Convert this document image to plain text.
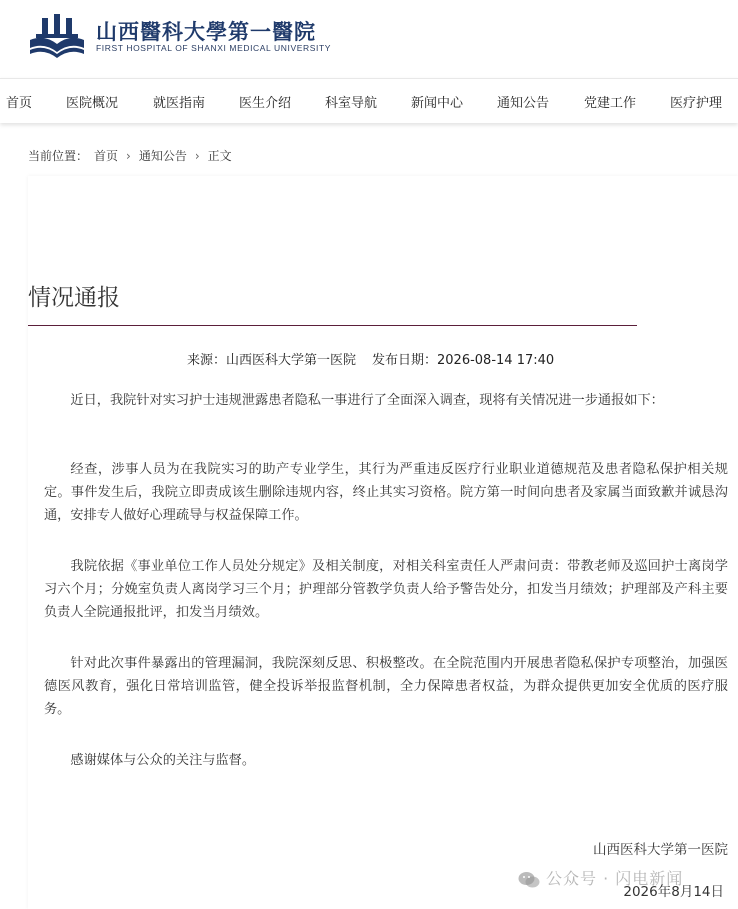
山西醫科大學第一醫院
FIRST HOSPITAL OF SHANXI MEDICAL UNIVERSITY
首页	医院概况	就医指南	医生介绍	科室导航	新闻中心	通知公告	党建工作	医疗护理
当前位置： 首页 › 通知公告 › 正文
情况通报
来源：山西医科大学第一医院 发布日期：2026-08-14 17:40

近日，我院针对实习护士违规泄露患者隐私一事进行了全面深入调查，现将有关情况进一步通报如下：

经查，涉事人员为在我院实习的助产专业学生，其行为严重违反医疗行业职业道德规范及患者隐私保护相关规定。事件发生后，我院立即责成该生删除违规内容，终止其实习资格。院方第一时间向患者及家属当面致歉并诚恳沟通，安排专人做好心理疏导与权益保障工作。

我院依据《事业单位工作人员处分规定》及相关制度，对相关科室责任人严肃问责：带教老师及巡回护士离岗学习六个月；分娩室负责人离岗学习三个月；护理部分管教学负责人给予警告处分，扣发当月绩效；护理部及产科主要负责人全院通报批评，扣发当月绩效。

针对此次事件暴露出的管理漏洞，我院深刻反思、积极整改。在全院范围内开展患者隐私保护专项整治，加强医德医风教育，强化日常培训监管，健全投诉举报监督机制，全力保障患者权益，为群众提供更加安全优质的医疗服务。

感谢媒体与公众的关注与监督。

山西医科大学第一医院
公众号 · 闪电新闻
2026年8月14日
